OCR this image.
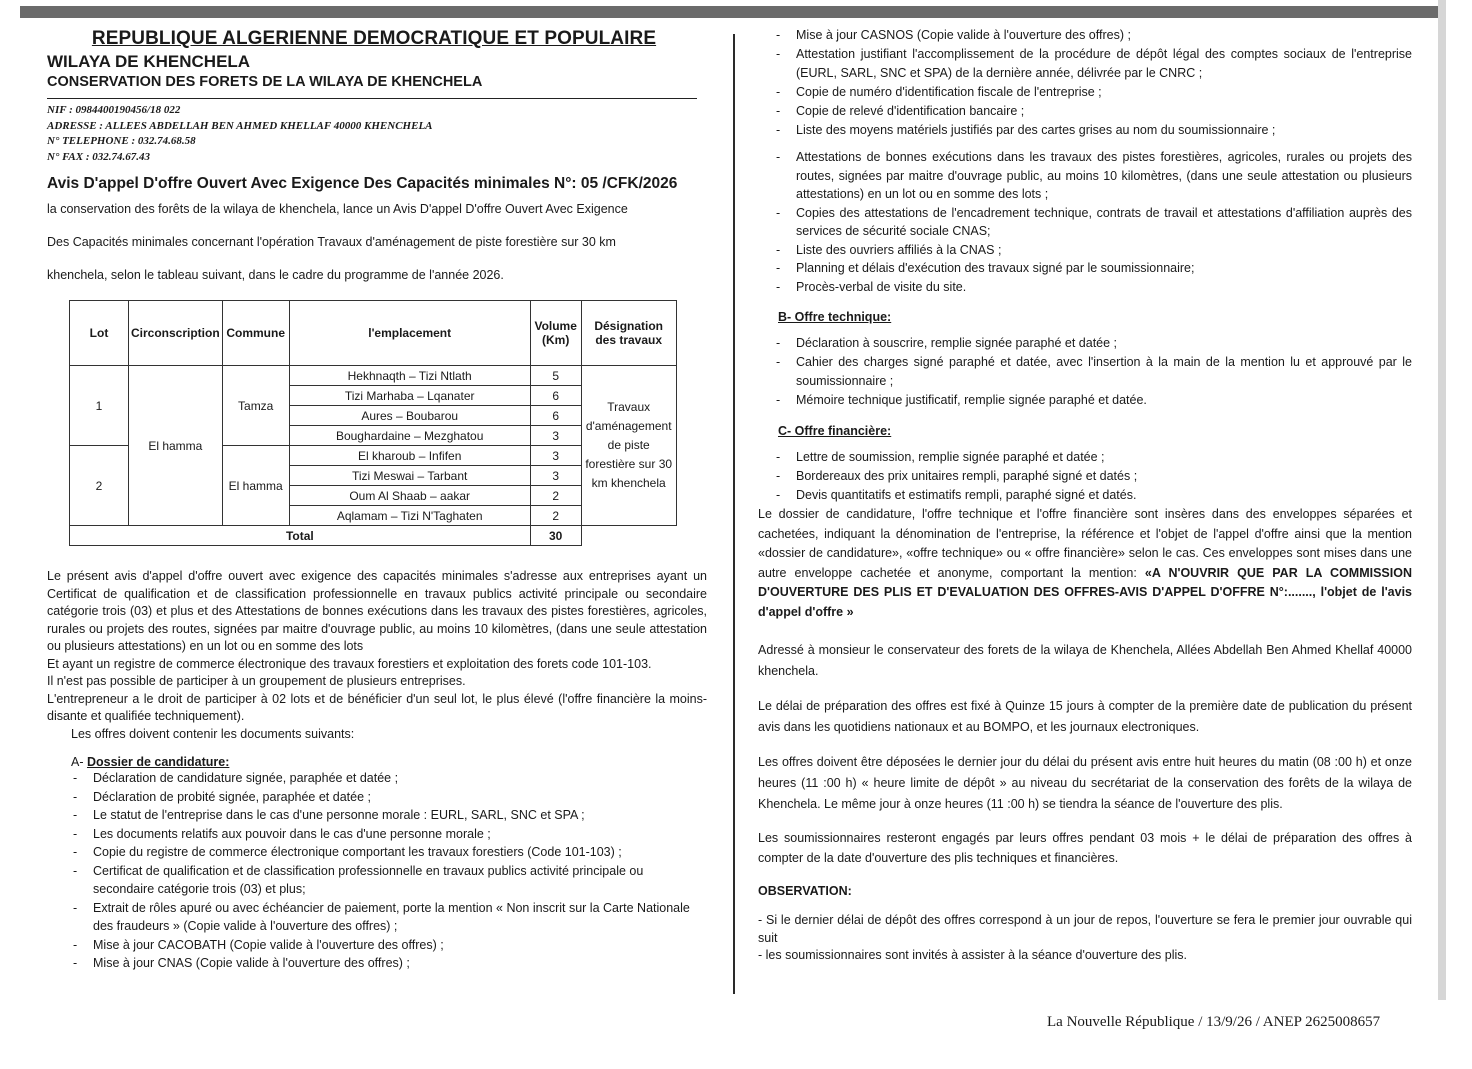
REPUBLIQUE ALGERIENNE DEMOCRATIQUE ET POPULAIRE
WILAYA DE KHENCHELA
CONSERVATION DES FORETS DE LA WILAYA DE KHENCHELA
NIF : 0984400190456/18 022
ADRESSE : ALLEES ABDELLAH BEN AHMED KHELLAF 40000 KHENCHELA
N° TELEPHONE : 032.74.68.58
N° FAX : 032.74.67.43
Avis D'appel D'offre Ouvert Avec Exigence Des Capacités minimales N°: 05 /CFK/2026
la conservation des forêts de la wilaya de khenchela, lance un Avis D'appel D'offre Ouvert Avec Exigence
Des Capacités minimales concernant l'opération Travaux d'aménagement de piste forestière sur 30 km
khenchela, selon le tableau suivant, dans le cadre du programme de l'année 2026.
Lot	Circonscription	Commune	l'emplacement	Volume (Km)	Désignation des travaux
1	El hamma	Tamza	Hekhnaqth – Tizi Ntlath	5	Travaux d'aménagement de piste forestière sur 30 km khenchela
			Tizi Marhaba – Lqanater	6	
			Aures – Boubarou	6	
			Boughardaine – Mezghatou	3	
2		El hamma	El kharoub – Infifen	3	
			Tizi Meswai – Tarbant	3	
			Oum Al Shaab – aakar	2	
			Aqlamam – Tizi N'Taghaten	2	
Total				30	
Le présent avis d'appel d'offre ouvert avec exigence des capacités minimales s'adresse aux entreprises ayant un Certificat de qualification et de classification professionnelle en travaux publics activité principale ou secondaire catégorie trois (03) et plus et des Attestations de bonnes exécutions dans les travaux des pistes forestières, agricoles, rurales ou projets des routes, signées par maitre d'ouvrage public, au moins 10 kilomètres, (dans une seule attestation ou plusieurs attestations) en un lot ou en somme des lots
Et ayant un registre de commerce électronique des travaux forestiers et exploitation des forets code 101-103.
Il n'est pas possible de participer à un groupement de plusieurs entreprises.
L'entrepreneur a le droit de participer à 02 lots et de bénéficier d'un seul lot, le plus élevé (l'offre financière la moins-disante et qualifiée techniquement).
Les offres doivent contenir les documents suivants:
A- Dossier de candidature:
- Déclaration de candidature signée, paraphée et datée ;
- Déclaration de probité signée, paraphée et datée ;
- Le statut de l'entreprise dans le cas d'une personne morale : EURL, SARL, SNC et SPA ;
- Les documents relatifs aux pouvoir dans le cas d'une personne morale ;
- Copie du registre de commerce électronique comportant les travaux forestiers (Code 101-103) ;
- Certificat de qualification et de classification professionnelle en travaux publics activité principale ou secondaire catégorie trois (03) et plus;
- Extrait de rôles apuré ou avec échéancier de paiement, porte la mention « Non inscrit sur la Carte Nationale des fraudeurs » (Copie valide à l'ouverture des offres) ;
- Mise à jour CACOBATH (Copie valide à l'ouverture des offres) ;
- Mise à jour CNAS (Copie valide à l'ouverture des offres) ;
- Mise à jour CASNOS (Copie valide à l'ouverture des offres) ;
- Attestation justifiant l'accomplissement de la procédure de dépôt légal des comptes sociaux de l'entreprise (EURL, SARL, SNC et SPA) de la dernière année, délivrée par le CNRC ;
- Copie de numéro d'identification fiscale de l'entreprise ;
- Copie de relevé d'identification bancaire ;
- Liste des moyens matériels justifiés par des cartes grises au nom du soumissionnaire ;
- Attestations de bonnes exécutions dans les travaux des pistes forestières, agricoles, rurales ou projets des routes, signées par maitre d'ouvrage public, au moins 10 kilomètres, (dans une seule attestation ou plusieurs attestations) en un lot ou en somme des lots ;
- Copies des attestations de l'encadrement technique, contrats de travail et attestations d'affiliation auprès des services de sécurité sociale CNAS;
- Liste des ouvriers affiliés à la CNAS ;
- Planning et délais d'exécution des travaux signé par le soumissionnaire;
- Procès-verbal de visite du site.
B- Offre technique:
- Déclaration à souscrire, remplie signée paraphé et datée ;
- Cahier des charges signé paraphé et datée, avec l'insertion à la main de la mention lu et approuvé par le soumissionnaire ;
- Mémoire technique justificatif, remplie signée paraphé et datée.
C- Offre financière:
- Lettre de soumission, remplie signée paraphé et datée ;
- Bordereaux des prix unitaires rempli, paraphé signé et datés ;
- Devis quantitatifs et estimatifs rempli, paraphé signé et datés.
Le dossier de candidature, l'offre technique et l'offre financière sont insères dans des enveloppes séparées et cachetées, indiquant la dénomination de l'entreprise, la référence et l'objet de l'appel d'offre ainsi que la mention «dossier de candidature», «offre technique» ou « offre financière» selon le cas. Ces enveloppes sont mises dans une autre enveloppe cachetée et anonyme, comportant la mention: «A N'OUVRIR QUE PAR LA COMMISSION D'OUVERTURE DES PLIS ET D'EVALUATION DES OFFRES-AVIS D'APPEL D'OFFRE N°:......., l'objet de l'avis d'appel d'offre »
Adressé à monsieur le conservateur des forets de la wilaya de Khenchela, Allées Abdellah Ben Ahmed Khellaf 40000 khenchela.
Le délai de préparation des offres est fixé à Quinze 15 jours à compter de la première date de publication du présent avis dans les quotidiens nationaux et au BOMPO, et les journaux electroniques.
Les offres doivent être déposées le dernier jour du délai du présent avis entre huit heures du matin (08 :00 h) et onze heures (11 :00 h) « heure limite de dépôt » au niveau du secrétariat de la conservation des forêts de la wilaya de Khenchela. Le même jour à onze heures (11 :00 h) se tiendra la séance de l'ouverture des plis.
Les soumissionnaires resteront engagés par leurs offres pendant 03 mois + le délai de préparation des offres à compter de la date d'ouverture des plis techniques et financières.
OBSERVATION:
- Si le dernier délai de dépôt des offres correspond à un jour de repos, l'ouverture se fera le premier jour ouvrable qui suit
- les soumissionnaires sont invités à assister à la séance d'ouverture des plis.
La Nouvelle République / 13/9/26 / ANEP 2625008657
